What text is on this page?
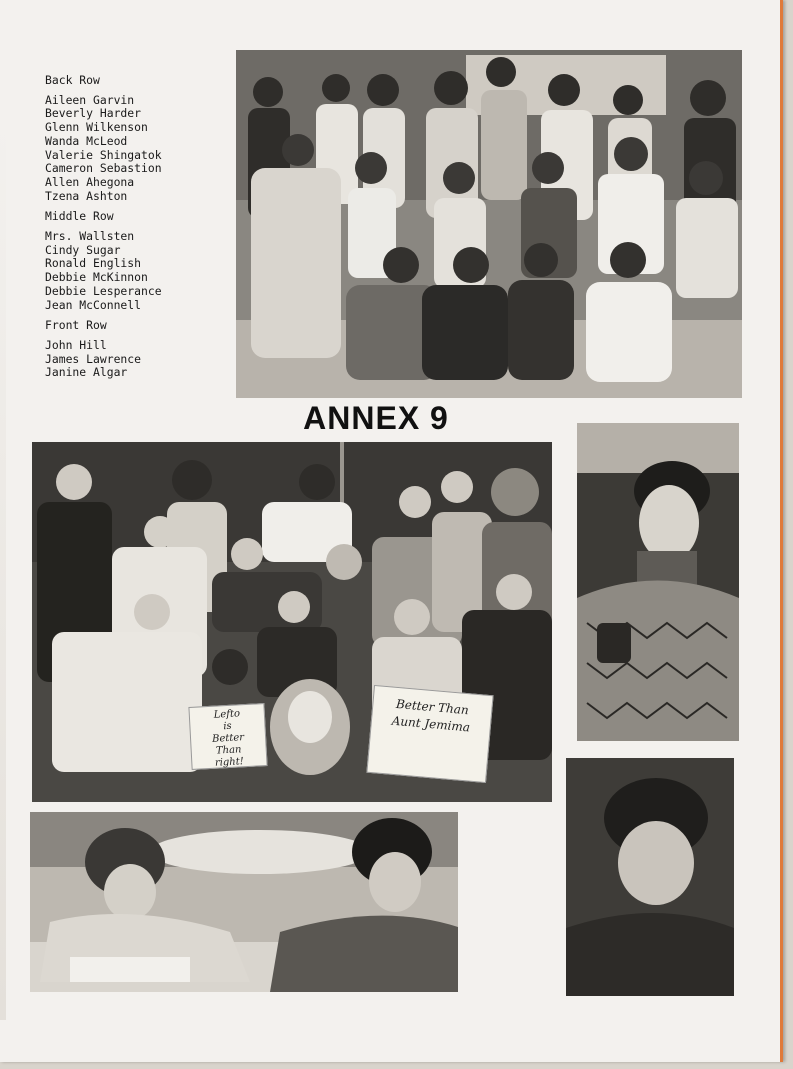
Back Row
Aileen Garvin
Beverly Harder
Glenn Wilkenson
Wanda McLeod
Valerie Shingatok
Cameron Sebastion
Allen Ahegona
Tzena Ashton
Middle Row
Mrs. Wallsten
Cindy Sugar
Ronald English
Debbie McKinnon
Debbie Lesperance
Jean McConnell
Front Row
John Hill
James Lawrence
Janine Algar
ANNEX 9
Lefto
is
Better
Than
right!
Better Than
Aunt Jemima
